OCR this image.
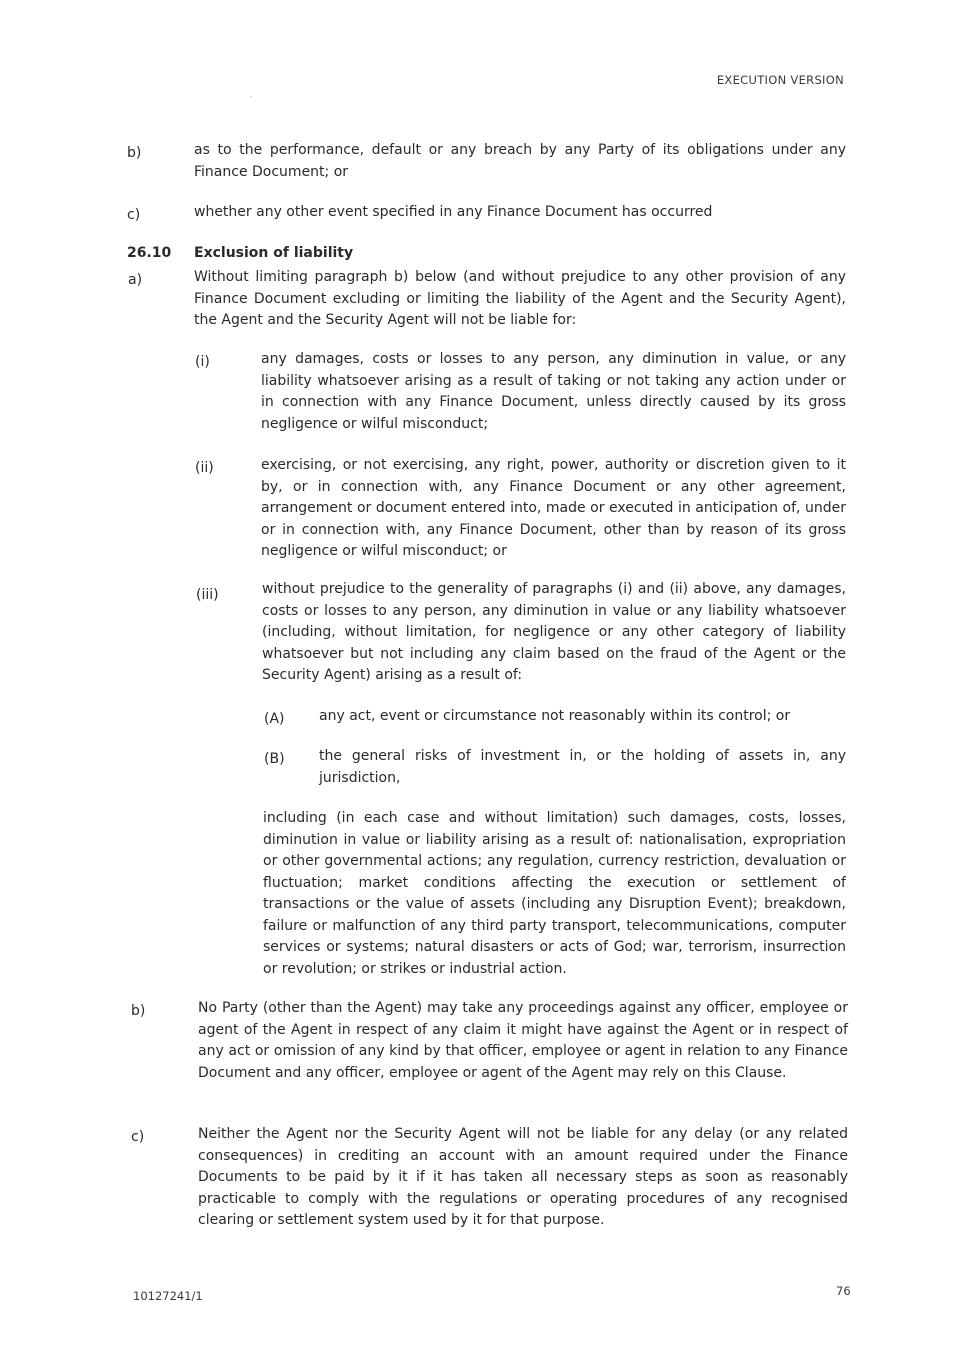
EXECUTION VERSION
b)	as to the performance, default or any breach by any Party of its obligations under any Finance Document; or
c)	whether any other event specified in any Finance Document has occurred
26.10 Exclusion of liability
a)	Without limiting paragraph b) below (and without prejudice to any other provision of any Finance Document excluding or limiting the liability of the Agent and the Security Agent), the Agent and the Security Agent will not be liable for:
(i)	any damages, costs or losses to any person, any diminution in value, or any liability whatsoever arising as a result of taking or not taking any action under or in connection with any Finance Document, unless directly caused by its gross negligence or wilful misconduct;
(ii)	exercising, or not exercising, any right, power, authority or discretion given to it by, or in connection with, any Finance Document or any other agreement, arrangement or document entered into, made or executed in anticipation of, under or in connection with, any Finance Document, other than by reason of its gross negligence or wilful misconduct; or
(iii)	without prejudice to the generality of paragraphs (i) and (ii) above, any damages, costs or losses to any person, any diminution in value or any liability whatsoever (including, without limitation, for negligence or any other category of liability whatsoever but not including any claim based on the fraud of the Agent or the Security Agent) arising as a result of:
(A)	any act, event or circumstance not reasonably within its control; or
(B)	the general risks of investment in, or the holding of assets in, any jurisdiction,
including (in each case and without limitation) such damages, costs, losses, diminution in value or liability arising as a result of: nationalisation, expropriation or other governmental actions; any regulation, currency restriction, devaluation or fluctuation; market conditions affecting the execution or settlement of transactions or the value of assets (including any Disruption Event); breakdown, failure or malfunction of any third party transport, telecommunications, computer services or systems; natural disasters or acts of God; war, terrorism, insurrection or revolution; or strikes or industrial action.
b)	No Party (other than the Agent) may take any proceedings against any officer, employee or agent of the Agent in respect of any claim it might have against the Agent or in respect of any act or omission of any kind by that officer, employee or agent in relation to any Finance Document and any officer, employee or agent of the Agent may rely on this Clause.
c)	Neither the Agent nor the Security Agent will not be liable for any delay (or any related consequences) in crediting an account with an amount required under the Finance Documents to be paid by it if it has taken all necessary steps as soon as reasonably practicable to comply with the regulations or operating procedures of any recognised clearing or settlement system used by it for that purpose.
10127241/1	76
